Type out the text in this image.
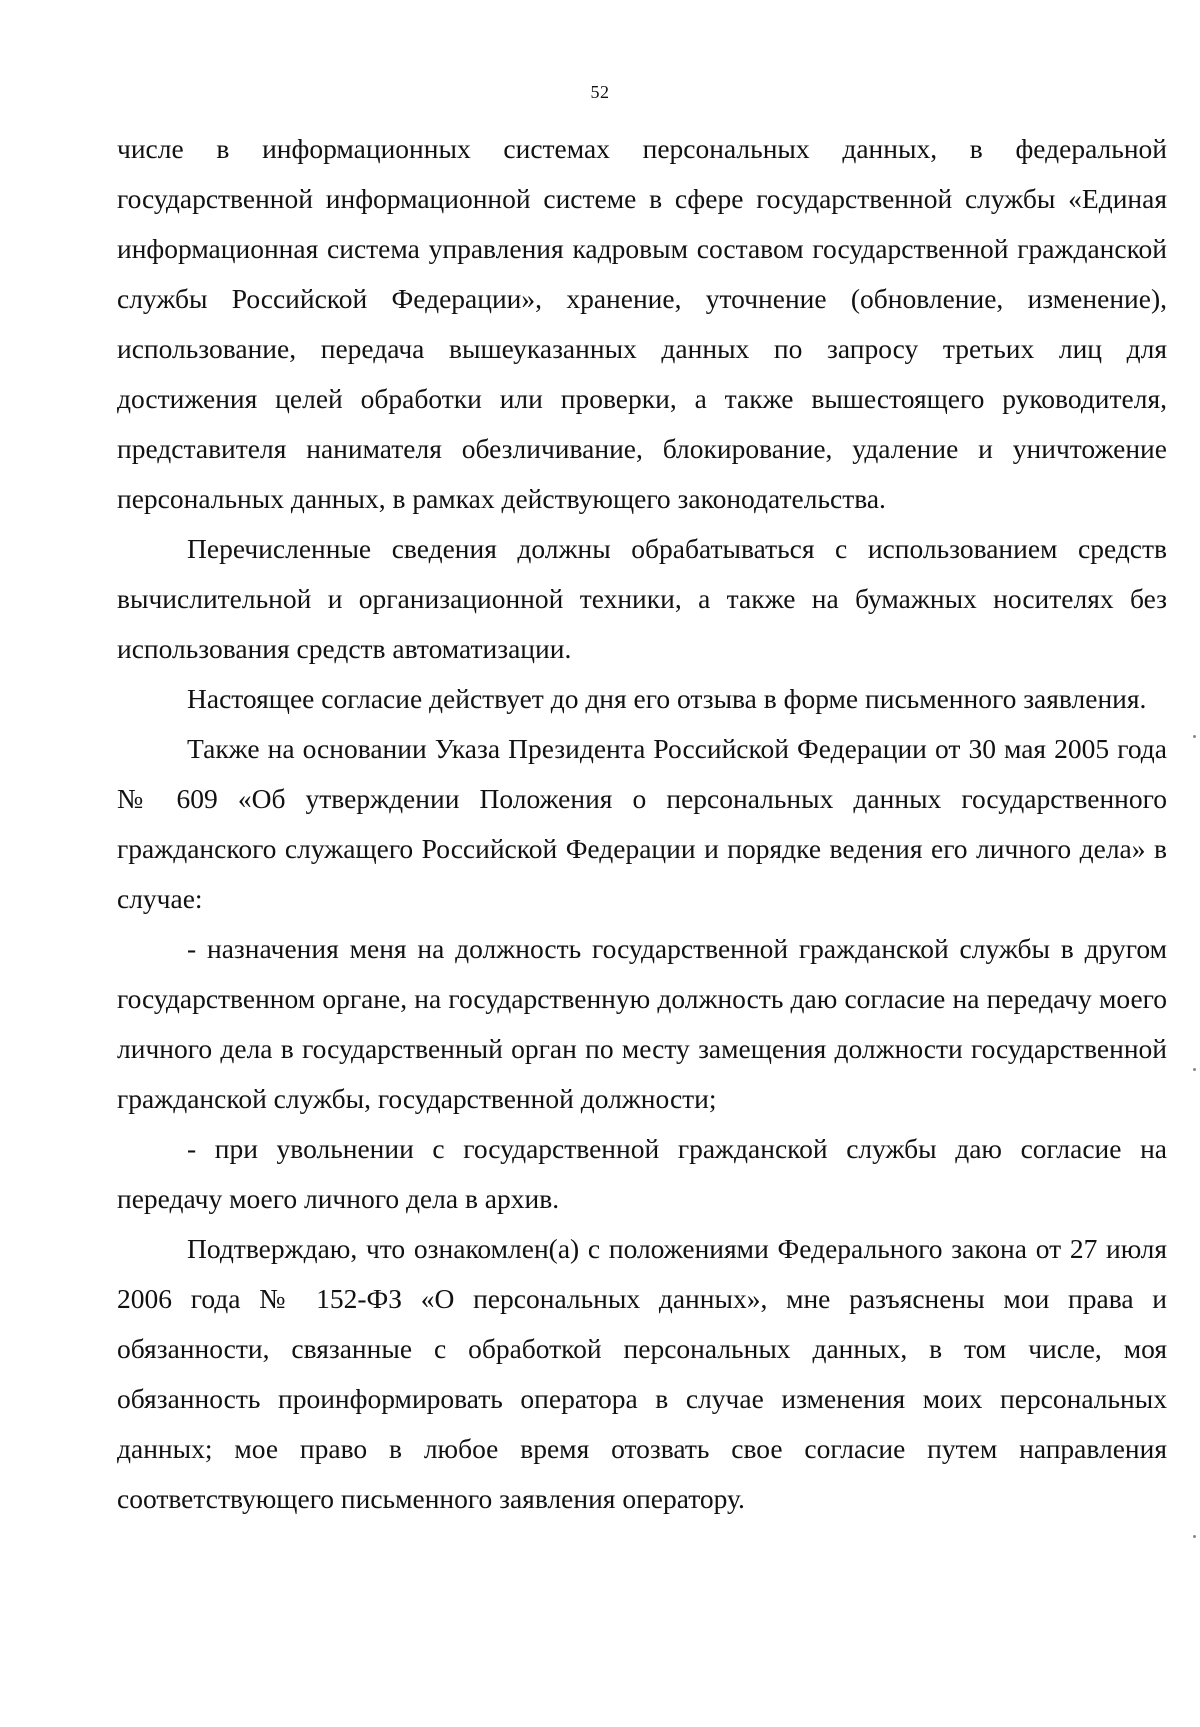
52

числе в информационных системах персональных данных, в федеральной государственной информационной системе в сфере государственной службы «Единая информационная система управления кадровым составом государственной гражданской службы Российской Федерации», хранение, уточнение (обновление, изменение), использование, передача вышеуказанных данных по запросу третьих лиц для достижения целей обработки или проверки, а также вышестоящего руководителя, представителя нанимателя обезличивание, блокирование, удаление и уничтожение персональных данных, в рамках действующего законодательства.

Перечисленные сведения должны обрабатываться с использованием средств вычислительной и организационной техники, а также на бумажных носителях без использования средств автоматизации.

Настоящее согласие действует до дня его отзыва в форме письменного заявления.

Также на основании Указа Президента Российской Федерации от 30 мая 2005 года № 609 «Об утверждении Положения о персональных данных государственного гражданского служащего Российской Федерации и порядке ведения его личного дела» в случае:

- назначения меня на должность государственной гражданской службы в другом государственном органе, на государственную должность даю согласие на передачу моего личного дела в государственный орган по месту замещения должности государственной гражданской службы, государственной должности;

- при увольнении с государственной гражданской службы даю согласие на передачу моего личного дела в архив.

Подтверждаю, что ознакомлен(а) с положениями Федерального закона от 27 июля 2006 года № 152-ФЗ «О персональных данных», мне разъяснены мои права и обязанности, связанные с обработкой персональных данных, в том числе, моя обязанность проинформировать оператора в случае изменения моих персональных данных; мое право в любое время отозвать свое согласие путем направления соответствующего письменного заявления оператору.
